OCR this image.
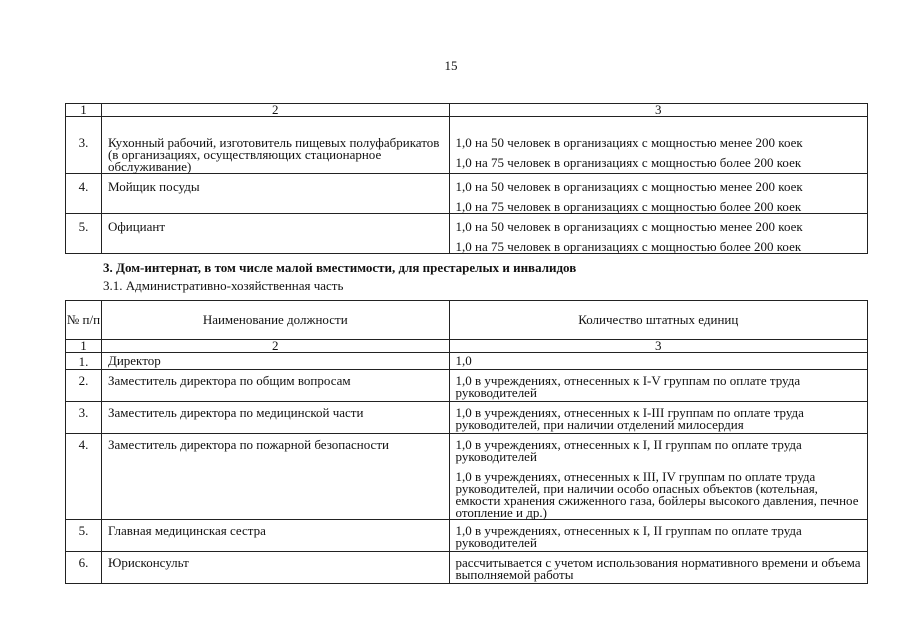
15
1	2	3
3.	Кухонный рабочий, изготовитель пищевых полуфабрикатов (в организациях, осуществляющих стационарное обслуживание)	1,0 на 50 человек в организациях с мощностью менее 200 коек
1,0 на 75 человек в организациях с мощностью более 200 коек

4.	Мойщик посуды	1,0 на 50 человек в организациях с мощностью менее 200 коек
1,0 на 75 человек в организациях с мощностью более 200 коек

5.	Официант	1,0 на 50 человек в организациях с мощностью менее 200 коек
1,0 на 75 человек в организациях с мощностью более 200 коек
3. Дом-интернат, в том числе малой вместимости, для престарелых и инвалидов
3.1. Административно-хозяйственная часть
№ п/п	Наименование должности	Количество штатных единиц
1	2	3
1.	Директор	1,0

2.	Заместитель директора по общим вопросам	1,0 в учреждениях, отнесенных к I-V группам по оплате труда руководителей

3.	Заместитель директора по медицинской части	1,0 в учреждениях, отнесенных к I-III группам по оплате труда руководителей, при наличии отделений милосердия

4.	Заместитель директора по пожарной безопасности	1,0 в учреждениях, отнесенных к I, II группам по оплате труда руководителей
1,0 в учреждениях, отнесенных к III, IV группам по оплате труда руководителей, при наличии особо опасных объектов (котельная, емкости хранения сжиженного газа, бойлеры высокого давления, печное отопление и др.)

5.	Главная медицинская сестра	1,0 в учреждениях, отнесенных к I, II группам по оплате труда руководителей

6.	Юрисконсульт	рассчитывается с учетом использования нормативного времени и объема выполняемой работы
